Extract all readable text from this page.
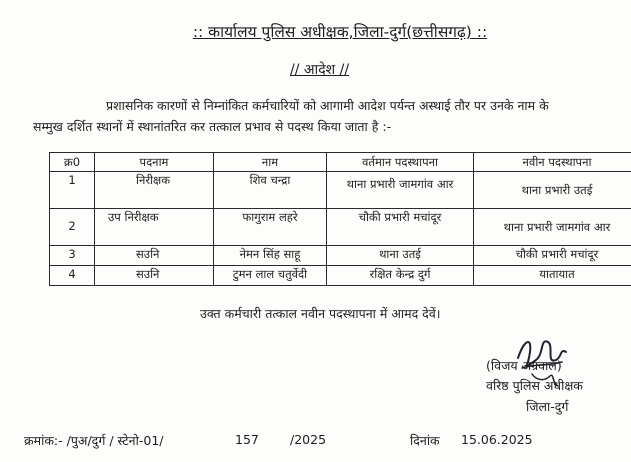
:: कार्यालय पुलिस अधीक्षक,जिला-दुर्ग(छत्तीसगढ़) ::
// आदेश //
प्रशासनिक कारणों से निम्नांकित कर्मचारियों को आगामी आदेश पर्यन्त अस्थाई तौर पर उनके नाम के
सम्मुख दर्शित स्थानों में स्थानांतरित कर तत्काल प्रभाव से पदस्थ किया जाता है :-
क्र0	पदनाम	नाम	वर्तमान पदस्थापना	नवीन पदस्थापना
1	निरीक्षक	शिव चन्द्रा	थाना प्रभारी जामगांव आर	थाना प्रभारी उतई

2	उप निरीक्षक	फागुराम लहरे	चौकी प्रभारी मचांदूर	थाना प्रभारी जामगांव आर

3	सउनि	नेमन सिंह साहू	थाना उतई	चौकी प्रभारी मचांदूर
4	सउनि	टुमन लाल चतुर्वेदी	रक्षित केन्द्र दुर्ग	यातायात
उक्त कर्मचारी तत्काल नवीन पदस्थापना में आमद देवें।
(विजय अग्रवाल)
वरिष्ठ पुलिस अधीक्षक
जिला-दुर्ग
क्रमांक:- /पुअ/दुर्ग / स्टेनो-01/	157 /2025	दिनांक 15.06.2025
